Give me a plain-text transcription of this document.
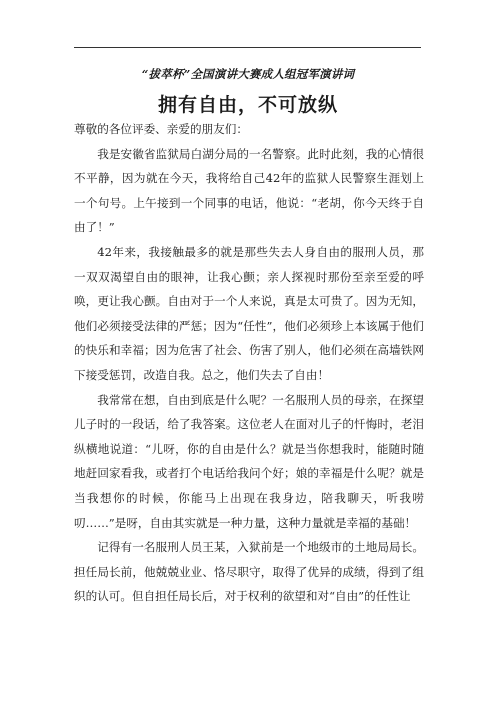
“拔萃杯”全国演讲大赛成人组冠军演讲词
拥有自由，不可放纵

尊敬的各位评委、亲爱的朋友们：

我是安徽省监狱局白湖分局的一名警察。此时此刻，我的心情很不平静，因为就在今天，我将给自己42年的监狱人民警察生涯划上一个句号。上午接到一个同事的电话，他说：“老胡，你今天终于自由了！”

42年来，我接触最多的就是那些失去人身自由的服刑人员，那一双双渴望自由的眼神，让我心颤；亲人探视时那份至亲至爱的呼唤，更让我心颤。自由对于一个人来说，真是太可贵了。因为无知，他们必须接受法律的严惩；因为“任性”，他们必须珍上本该属于他们的快乐和幸福；因为危害了社会、伤害了别人，他们必须在高墙铁网下接受惩罚，改造自我。总之，他们失去了自由！

我常常在想，自由到底是什么呢？一名服刑人员的母亲，在探望儿子时的一段话，给了我答案。这位老人在面对儿子的忏悔时，老泪纵横地说道：“儿呀，你的自由是什么？就是当你想我时，能随时随地赶回家看我，或者打个电话给我问个好；娘的幸福是什么呢？就是当我想你的时候，你能马上出现在我身边，陪我聊天，听我唠叨……”是呀，自由其实就是一种力量，这种力量就是幸福的基础！

记得有一名服刑人员王某，入狱前是一个地级市的土地局局长。担任局长前，他兢兢业业、恪尽职守，取得了优异的成绩，得到了组织的认可。但自担任局长后，对于权利的欲望和对“自由”的任性让
